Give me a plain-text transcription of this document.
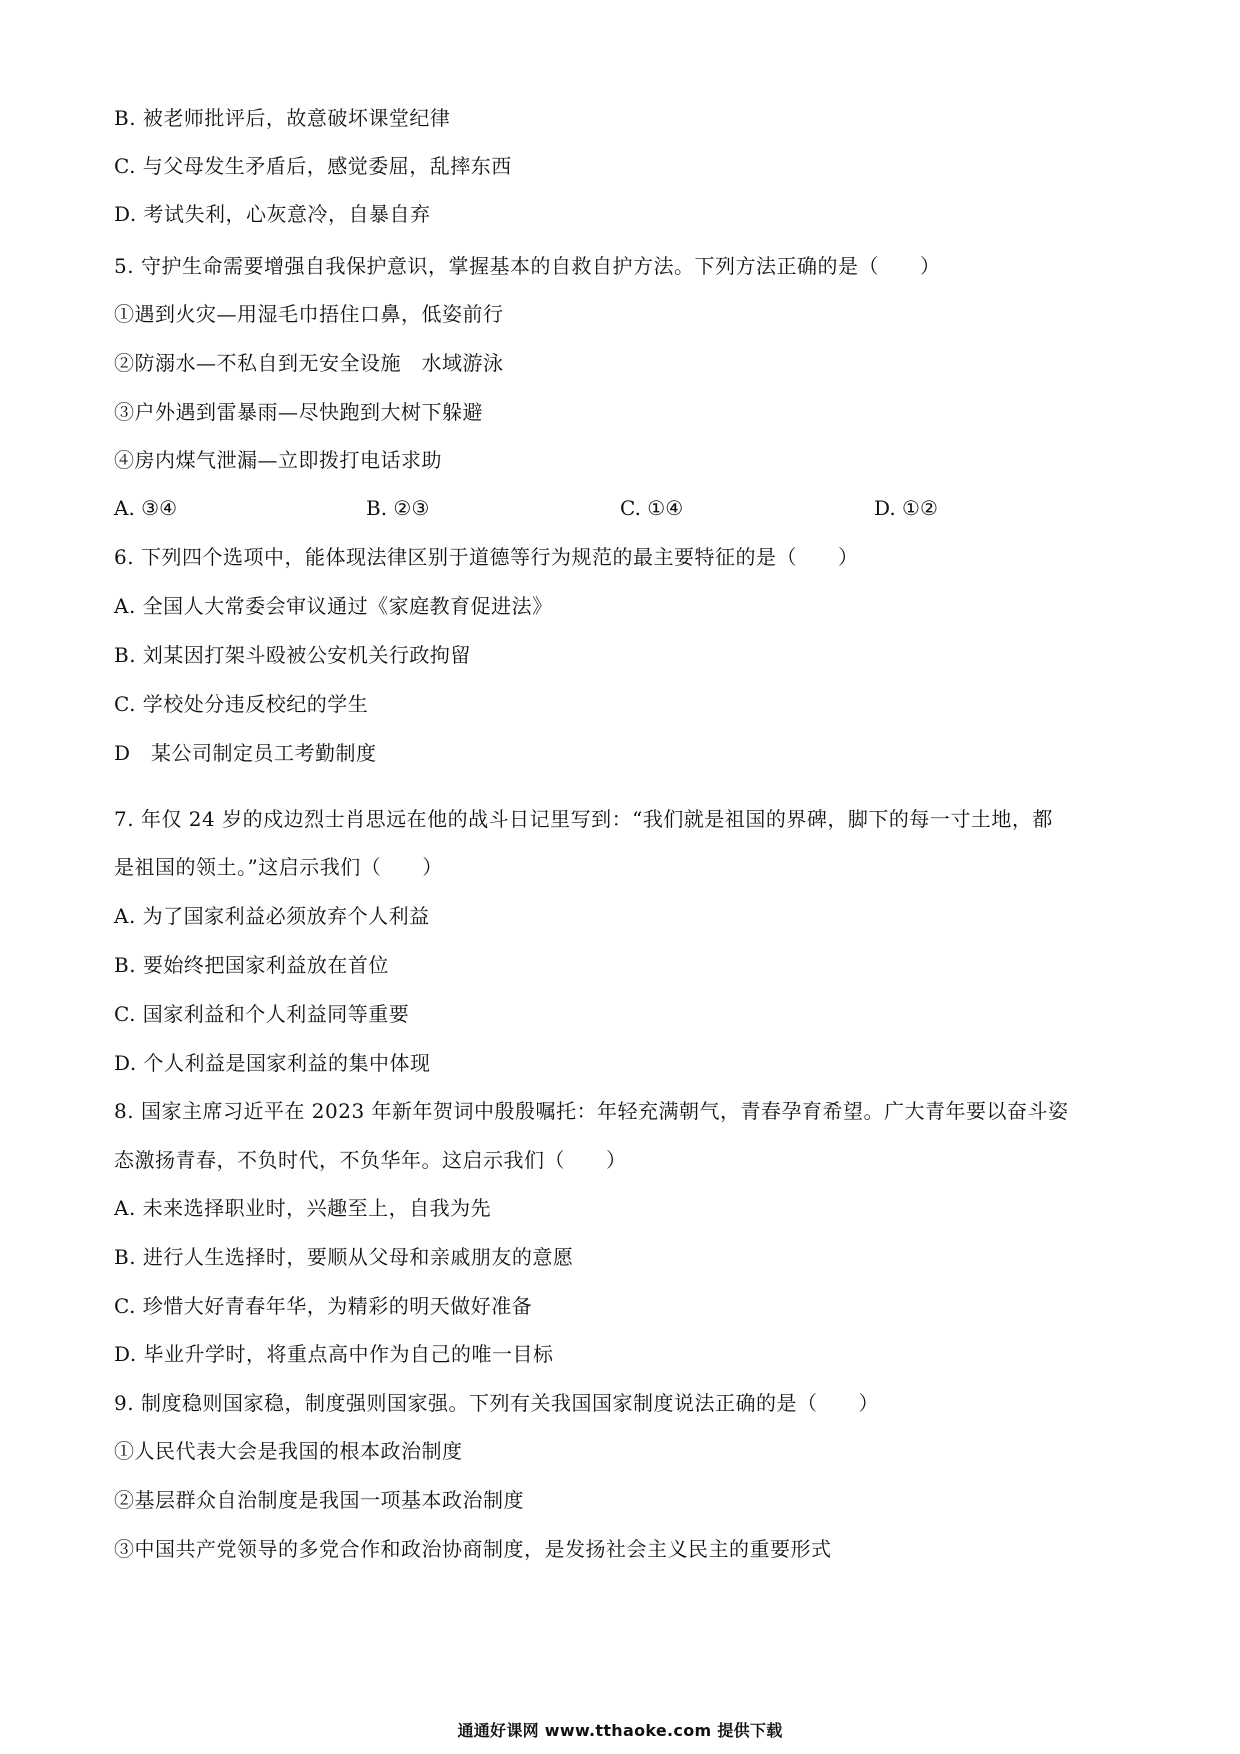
B. 被老师批评后，故意破坏课堂纪律
C. 与父母发生矛盾后，感觉委屈，乱摔东西
D. 考试失利，心灰意冷，自暴自弃
5. 守护生命需要增强自我保护意识，掌握基本的自救自护方法。下列方法正确的是（　　）
①遇到火灾—用湿毛巾捂住口鼻，低姿前行
②防溺水—不私自到无安全设施　水域游泳
③户外遇到雷暴雨—尽快跑到大树下躲避
④房内煤气泄漏—立即拨打电话求助
A. ③④	B. ②③	C. ①④	D. ①②
6. 下列四个选项中，能体现法律区别于道德等行为规范的最主要特征的是（　　）
A. 全国人大常委会审议通过《家庭教育促进法》
B. 刘某因打架斗殴被公安机关行政拘留
C. 学校处分违反校纪的学生
D　某公司制定员工考勤制度
7. 年仅 24 岁的戍边烈士肖思远在他的战斗日记里写到：“我们就是祖国的界碑，脚下的每一寸土地，都
是祖国的领土。”这启示我们（　　）
A. 为了国家利益必须放弃个人利益
B. 要始终把国家利益放在首位
C. 国家利益和个人利益同等重要
D. 个人利益是国家利益的集中体现
8. 国家主席习近平在 2023 年新年贺词中殷殷嘱托：年轻充满朝气，青春孕育希望。广大青年要以奋斗姿
态激扬青春，不负时代，不负华年。这启示我们（　　）
A. 未来选择职业时，兴趣至上，自我为先
B. 进行人生选择时，要顺从父母和亲戚朋友的意愿
C. 珍惜大好青春年华，为精彩的明天做好准备
D. 毕业升学时，将重点高中作为自己的唯一目标
9. 制度稳则国家稳，制度强则国家强。下列有关我国国家制度说法正确的是（　　）
①人民代表大会是我国的根本政治制度
②基层群众自治制度是我国一项基本政治制度
③中国共产党领导的多党合作和政治协商制度，是发扬社会主义民主的重要形式
通通好课网 www.tthaoke.com 提供下载
